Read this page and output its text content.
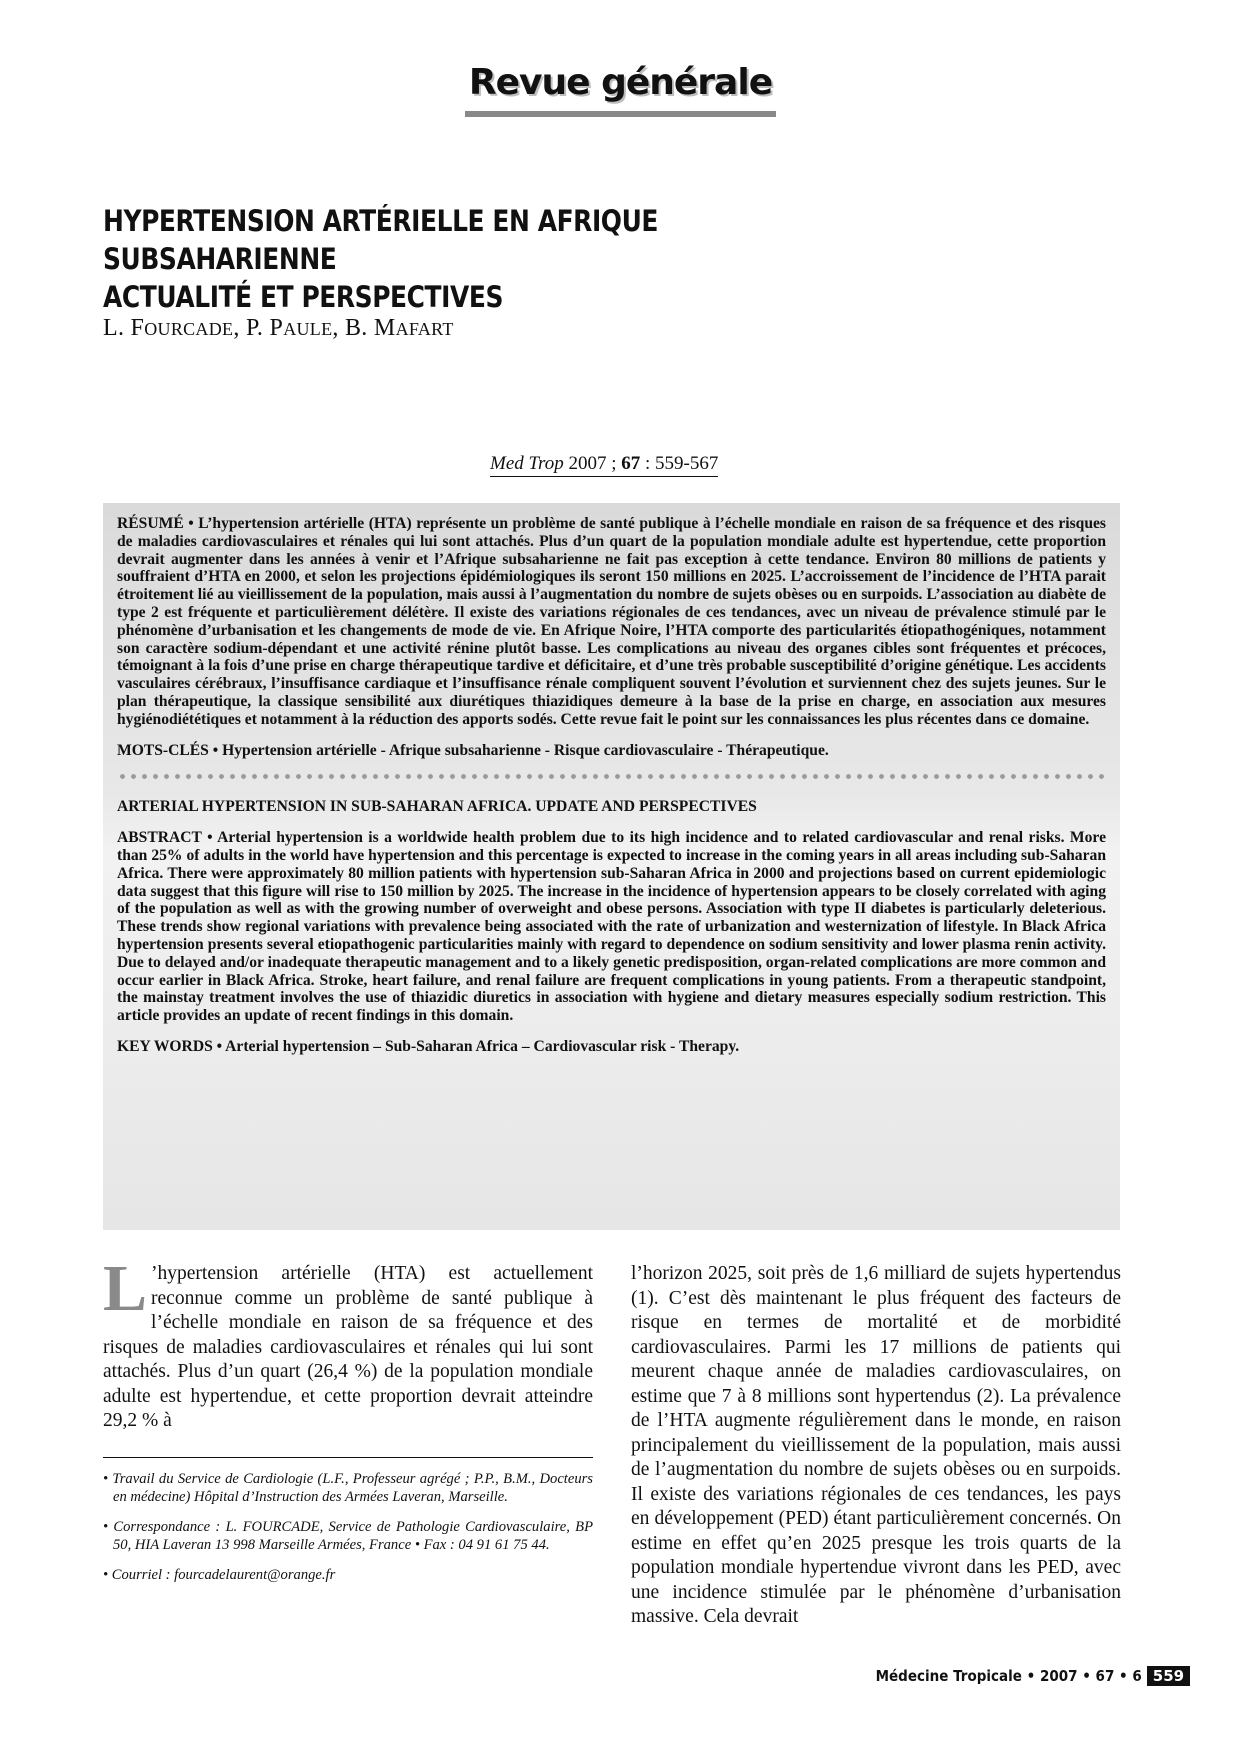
Revue générale
HYPERTENSION ARTÉRIELLE EN AFRIQUE SUBSAHARIENNE
ACTUALITÉ ET PERSPECTIVES
L. FOURCADE, P. PAULE, B. MAFART
Med Trop 2007 ; 67 : 559-567

RÉSUMÉ • L’hypertension artérielle (HTA) représente un problème de santé publique à l’échelle mondiale en raison de sa fréquence et des risques de maladies cardiovasculaires et rénales qui lui sont attachés. Plus d’un quart de la population mondiale adulte est hypertendue, cette proportion devrait augmenter dans les années à venir et l’Afrique subsaharienne ne fait pas exception à cette tendance. Environ 80 millions de patients y souffraient d’HTA en 2000, et selon les projections épidémiologiques ils seront 150 millions en 2025. L’accroissement de l’incidence de l’HTA parait étroitement lié au vieillissement de la population, mais aussi à l’augmentation du nombre de sujets obèses ou en surpoids. L’association au diabète de type 2 est fréquente et particulièrement délétère. Il existe des variations régionales de ces tendances, avec un niveau de prévalence stimulé par le phénomène d’urbanisation et les changements de mode de vie. En Afrique Noire, l’HTA comporte des particularités étiopathogéniques, notamment son caractère sodium-dépendant et une activité rénine plutôt basse. Les complications au niveau des organes cibles sont fréquentes et précoces, témoignant à la fois d’une prise en charge thérapeutique tardive et déficitaire, et d’une très probable susceptibilité d’origine génétique. Les accidents vasculaires cérébraux, l’insuffisance cardiaque et l’insuffisance rénale compliquent souvent l’évolution et surviennent chez des sujets jeunes. Sur le plan thérapeutique, la classique sensibilité aux diurétiques thiazidiques demeure à la base de la prise en charge, en association aux mesures hygiénodiététiques et notamment à la réduction des apports sodés. Cette revue fait le point sur les connaissances les plus récentes dans ce domaine.

MOTS-CLÉS • Hypertension artérielle - Afrique subsaharienne - Risque cardiovasculaire - Thérapeutique.

ARTERIAL HYPERTENSION IN SUB-SAHARAN AFRICA. UPDATE AND PERSPECTIVES

ABSTRACT • Arterial hypertension is a worldwide health problem due to its high incidence and to related cardiovascular and renal risks. More than 25% of adults in the world have hypertension and this percentage is expected to increase in the coming years in all areas including sub-Saharan Africa. There were approximately 80 million patients with hypertension sub-Saharan Africa in 2000 and projections based on current epidemiologic data suggest that this figure will rise to 150 million by 2025. The increase in the incidence of hypertension appears to be closely correlated with aging of the population as well as with the growing number of overweight and obese persons. Association with type II diabetes is particularly deleterious. These trends show regional variations with prevalence being associated with the rate of urbanization and westernization of lifestyle. In Black Africa hypertension presents several etiopathogenic particularities mainly with regard to dependence on sodium sensitivity and lower plasma renin activity. Due to delayed and/or inadequate therapeutic management and to a likely genetic predisposition, organ-related complications are more common and occur earlier in Black Africa. Stroke, heart failure, and renal failure are frequent complications in young patients. From a therapeutic standpoint, the mainstay treatment involves the use of thiazidic diuretics in association with hygiene and dietary measures especially sodium restriction. This article provides an update of recent findings in this domain.

KEY WORDS • Arterial hypertension – Sub-Saharan Africa – Cardiovascular risk - Therapy.

L ’hypertension artérielle (HTA) est actuellement reconnue comme un problème de santé publique à l’échelle mondiale en raison de sa fréquence et des risques de maladies cardiovasculaires et rénales qui lui sont attachés. Plus d’un quart (26,4 %) de la population mondiale adulte est hypertendue, et cette proportion devrait atteindre 29,2 % à
l’horizon 2025, soit près de 1,6 milliard de sujets hypertendus (1). C’est dès maintenant le plus fréquent des facteurs de risque en termes de mortalité et de morbidité cardiovasculaires. Parmi les 17 millions de patients qui meurent chaque année de maladies cardiovasculaires, on estime que 7 à 8 millions sont hypertendus (2). La prévalence de l’HTA augmente régulièrement dans le monde, en raison principalement du vieillissement de la population, mais aussi de l’augmentation du nombre de sujets obèses ou en surpoids. Il existe des variations régionales de ces tendances, les pays en développement (PED) étant particulièrement concernés. On estime en effet qu’en 2025 presque les trois quarts de la population mondiale hypertendue vivront dans les PED, avec une incidence stimulée par le phénomène d’urbanisation massive. Cela devrait

• Travail du Service de Cardiologie (L.F., Professeur agrégé ; P.P., B.M., Docteurs en médecine) Hôpital d’Instruction des Armées Laveran, Marseille.

• Correspondance : L. FOURCADE, Service de Pathologie Cardiovasculaire, BP 50, HIA Laveran 13 998 Marseille Armées, France • Fax : 04 91 61 75 44.

• Courriel : fourcadelaurent@orange.fr

Médecine Tropicale • 2007 • 67 • 6 559
